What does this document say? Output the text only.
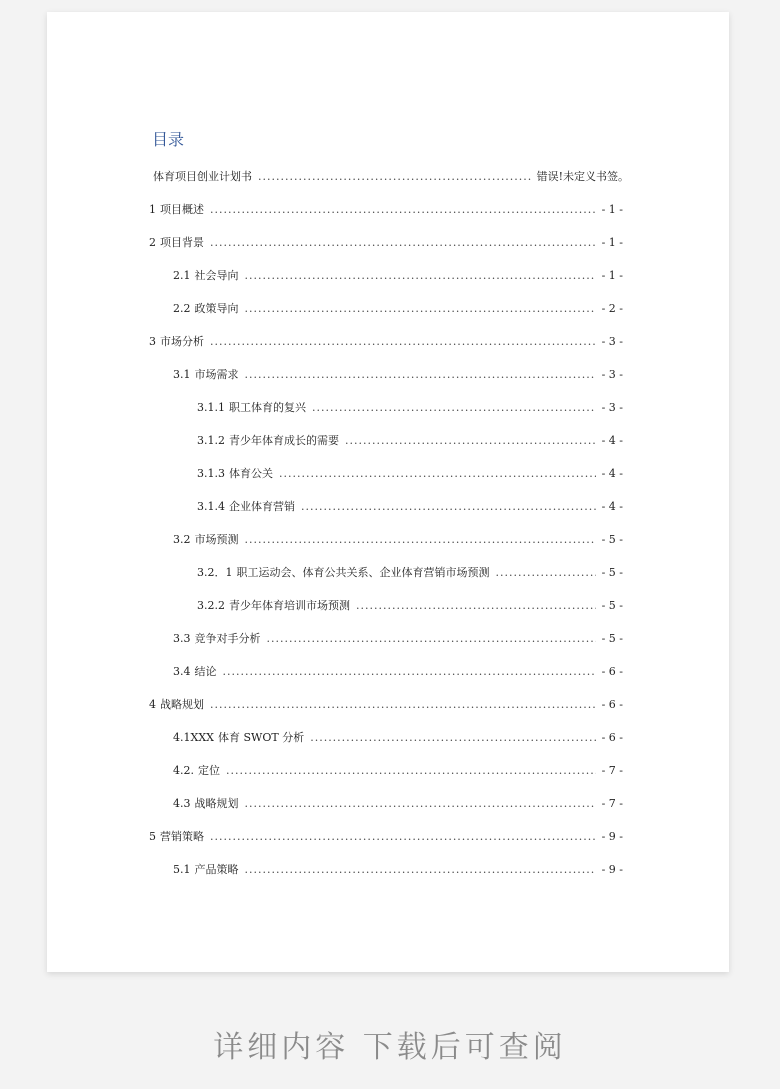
目录
体育项目创业计划书 .....	错误!未定义书签。
1 项目概述 .....	- 1 -
2 项目背景 .....	- 1 -
2.1 社会导向 .....	- 1 -
2.2 政策导向 .....	- 2 -
3 市场分析 .....	- 3 -
3.1 市场需求 .....	- 3 -
3.1.1 职工体育的复兴 .....	- 3 -
3.1.2 青少年体育成长的需要 .....	- 4 -
3.1.3 体育公关 .....	- 4 -
3.1.4 企业体育营销 .....	- 4 -
3.2 市场预测 .....	- 5 -
3.2．1 职工运动会、体育公共关系、企业体育营销市场预测 .....	- 5 -
3.2.2 青少年体育培训市场预测 .....	- 5 -
3.3 竞争对手分析 .....	- 5 -
3.4 结论 .....	- 6 -
4 战略规划 .....	- 6 -
4.1XXX 体育 SWOT 分析 .....	- 6 -
4.2. 定位 .....	- 7 -
4.3 战略规划 .....	- 7 -
5 营销策略 .....	- 9 -
5.1 产品策略 .....	- 9 -
详细内容 下载后可查阅
